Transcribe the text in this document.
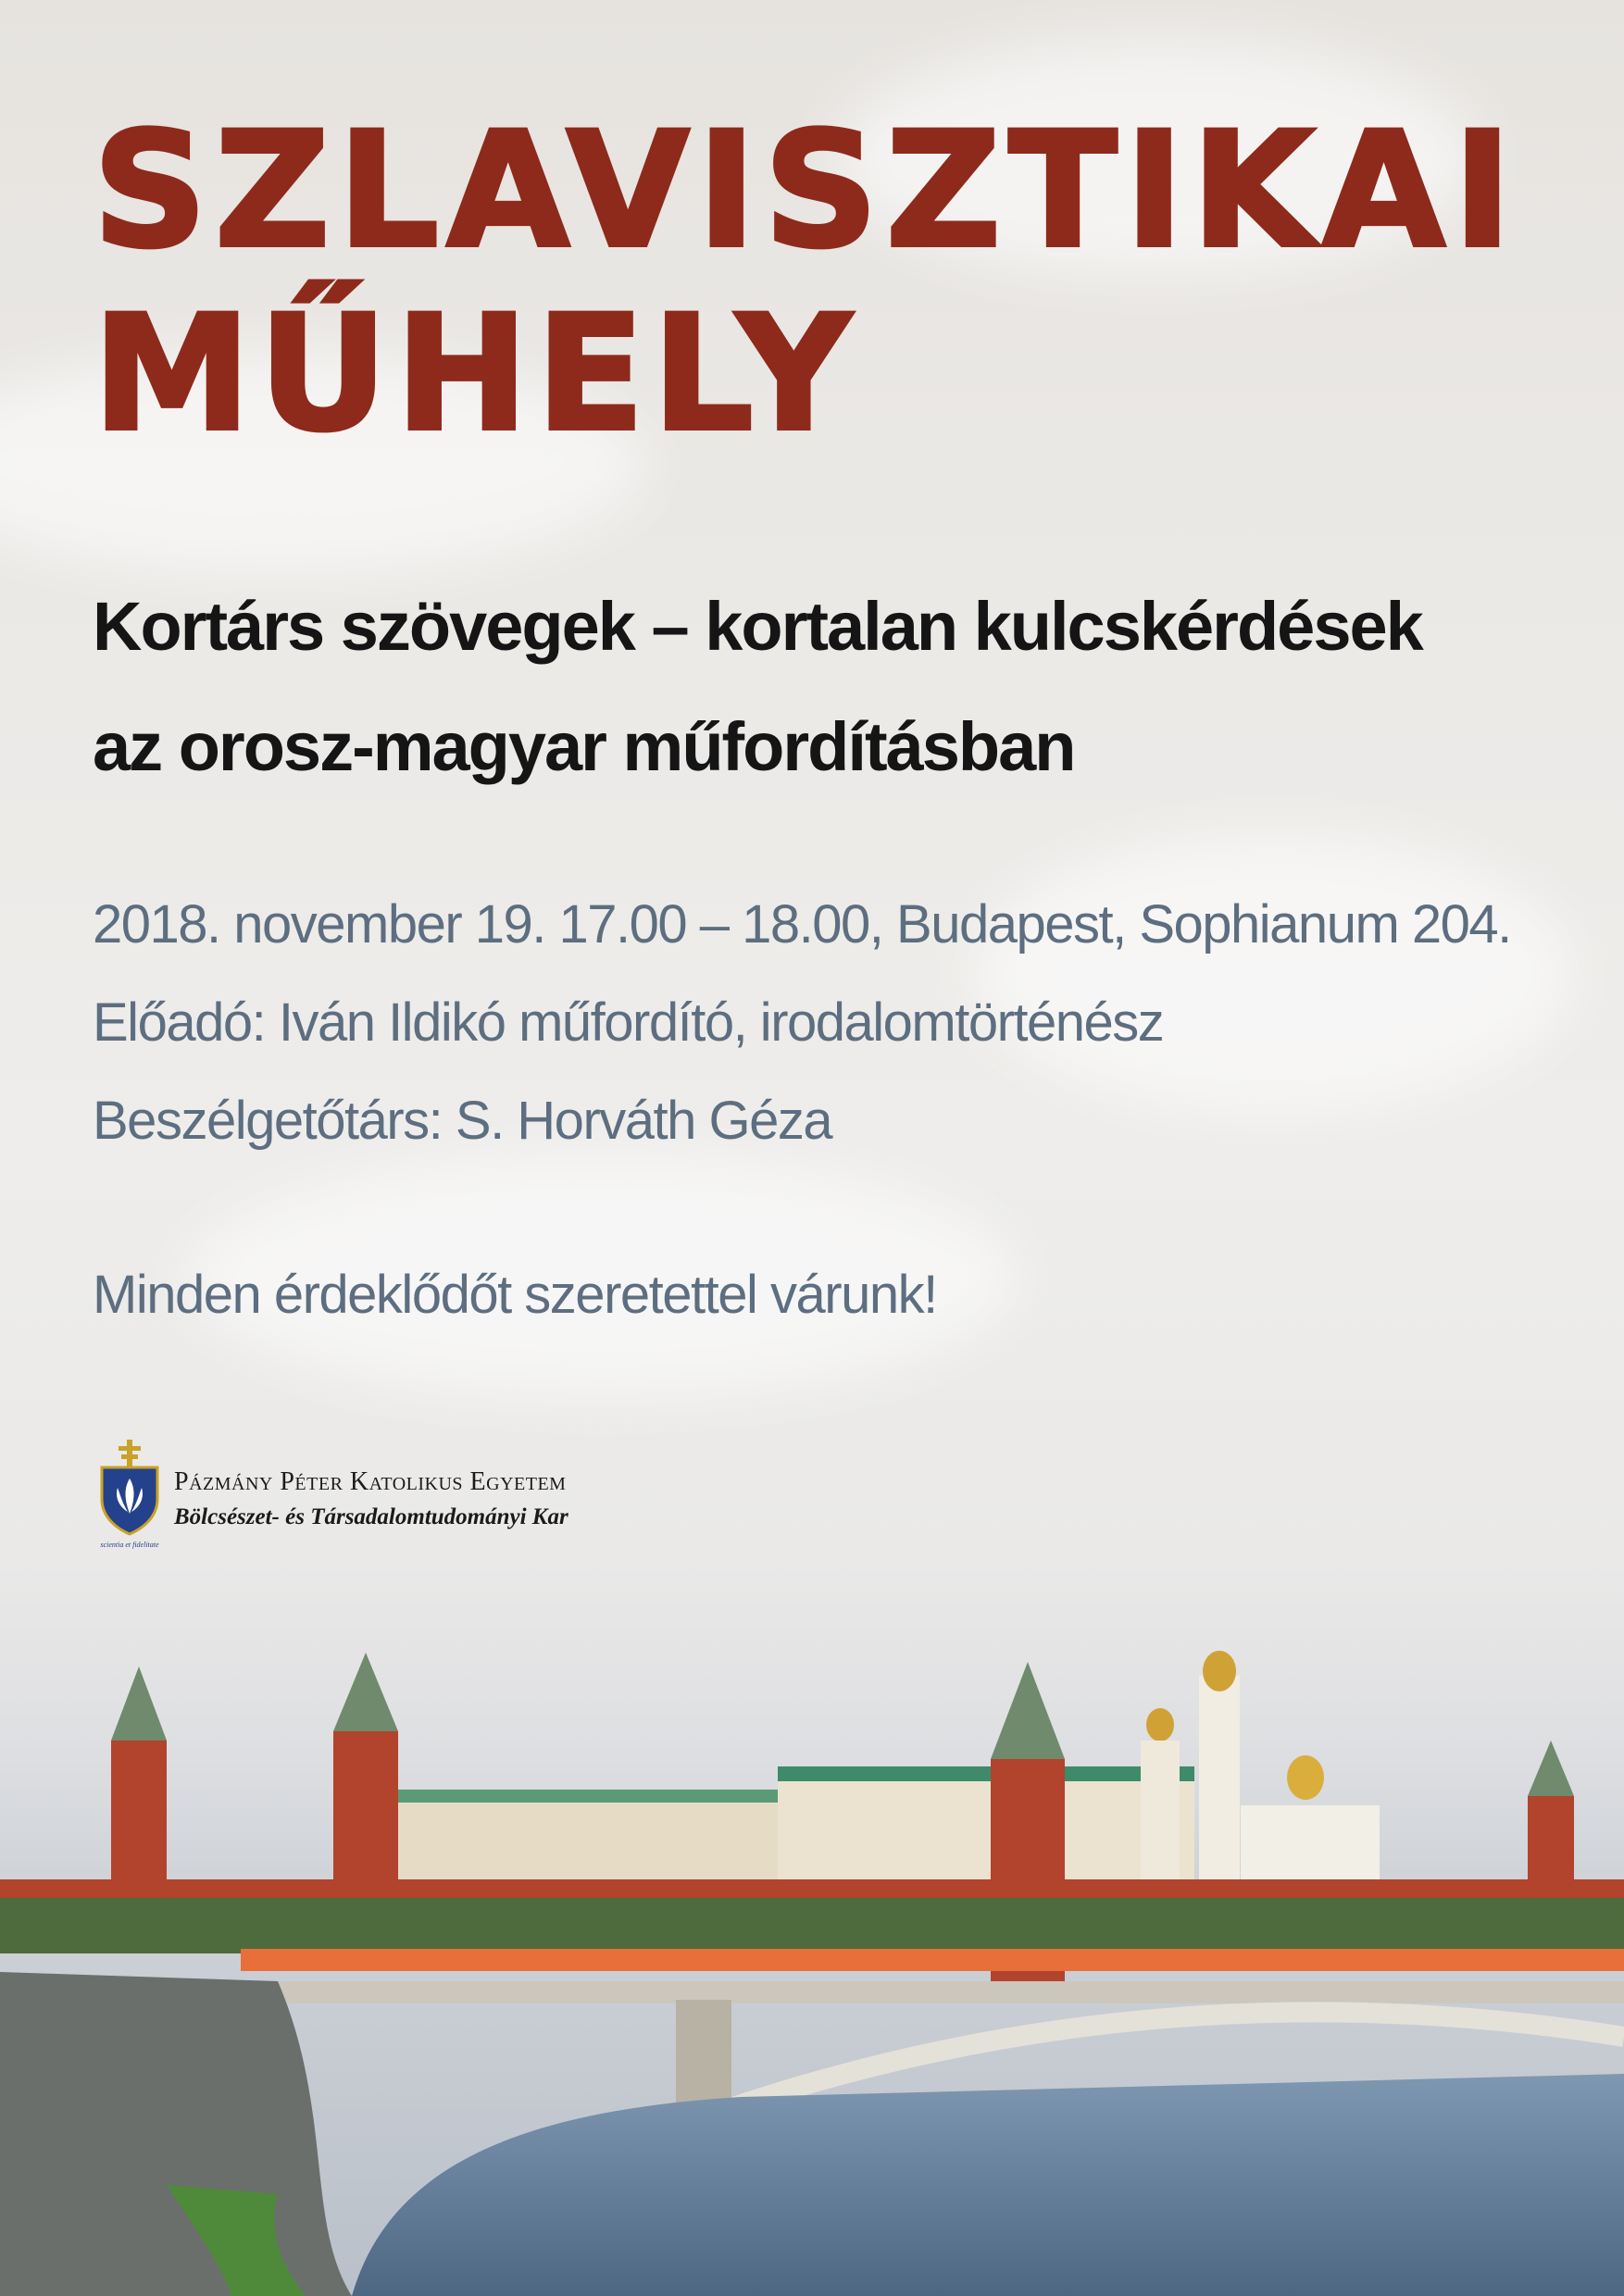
SZLAVISZTIKAI
MŰHELY
Kortárs szövegek – kortalan kulcskérdések
az orosz-magyar műfordításban

2018. november 19. 17.00 – 18.00, Budapest, Sophianum 204.

Előadó: Iván Ildikó műfordító, irodalomtörténész

Beszélgetőtárs: S. Horváth Géza

Minden érdeklődőt szeretettel várunk!

scientia et fidelitate

Pázmány Péter Katolikus Egyetem

Bölcsészet- és Társadalomtudományi Kar
